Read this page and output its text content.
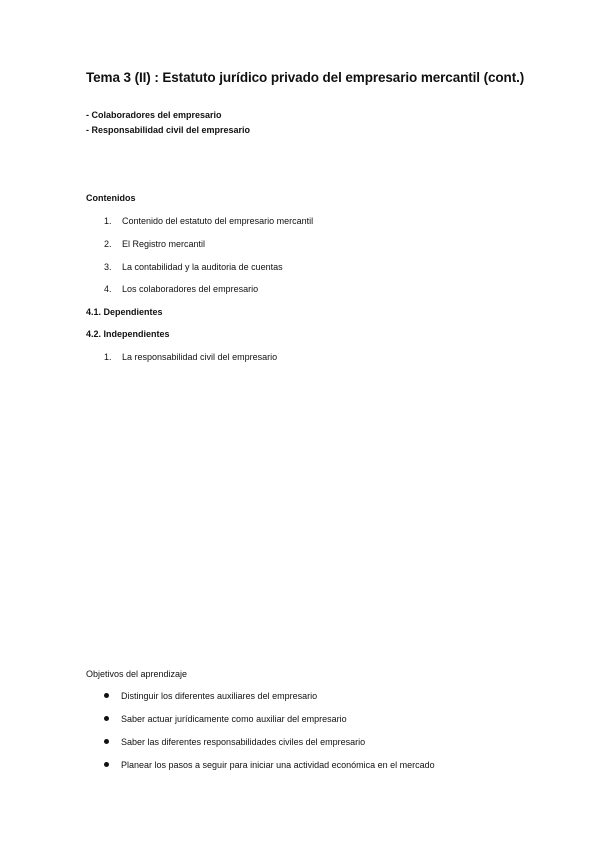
Tema 3 (II) : Estatuto jurídico privado del empresario mercantil (cont.)
- Colaboradores del empresario
- Responsabilidad civil del empresario
Contenidos
1. Contenido del estatuto del empresario mercantil
2. El Registro mercantil
3. La contabilidad y la auditoria de cuentas
4. Los colaboradores del empresario
4.1. Dependientes
4.2. Independientes
1. La responsabilidad civil del empresario
Objetivos del aprendizaje
Distinguir los diferentes auxiliares del empresario
Saber actuar jurídicamente como auxiliar del empresario
Saber las diferentes responsabilidades civiles del empresario
Planear los pasos a seguir para iniciar una actividad económica en el mercado
